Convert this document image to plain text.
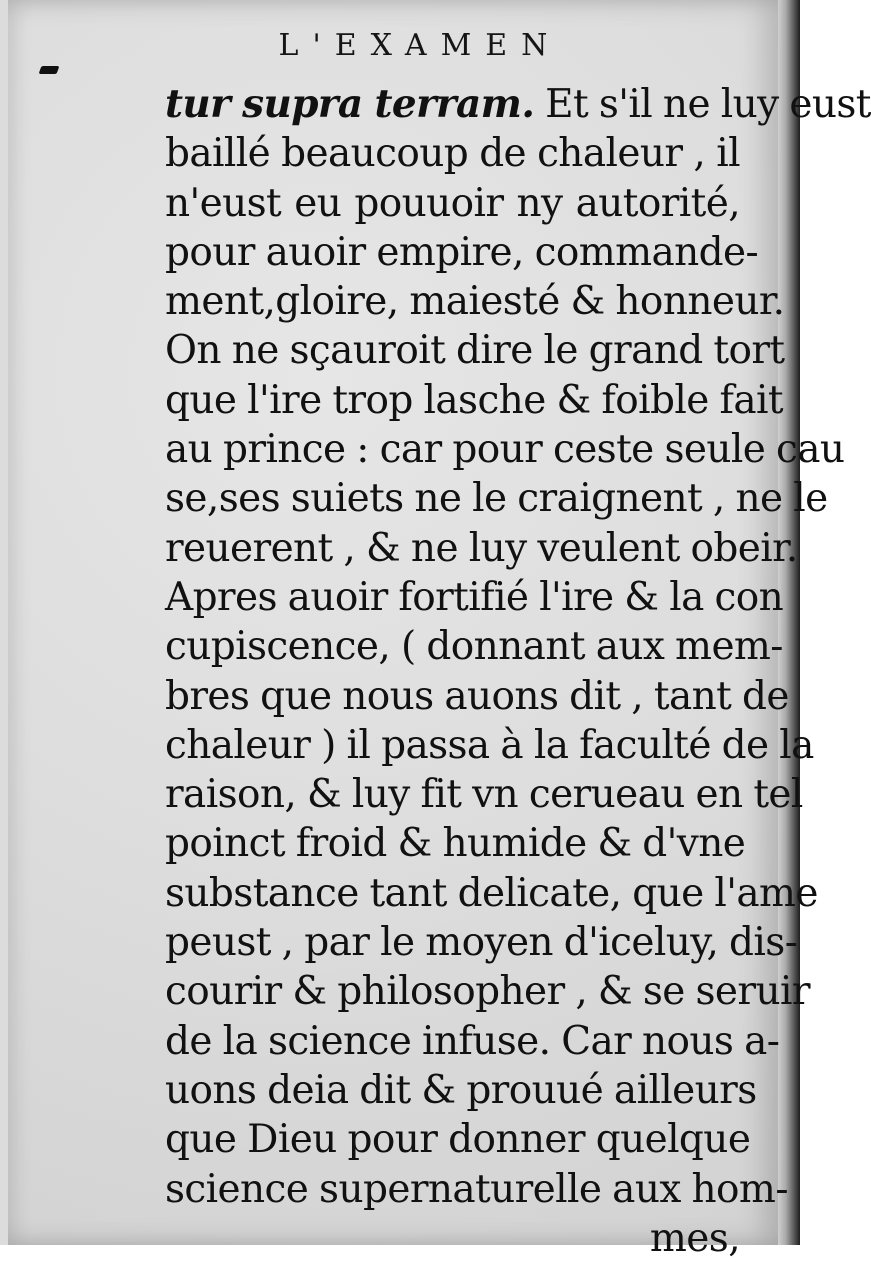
L'EXAMEN
tur supra terram. Et s'il ne luy eust
baillé beaucoup de chaleur , il
n'eust eu pouuoir ny autorité,
pour auoir empire, commande-
ment,gloire, maiesté & honneur.
On ne sçauroit dire le grand tort
que l'ire trop lasche & foible fait
au prince : car pour ceste seule cau
se,ses suiets ne le craignent , ne le
reuerent , & ne luy veulent obeir.
Apres auoir fortifié l'ire & la con
cupiscence, ( donnant aux mem-
bres que nous auons dit , tant de
chaleur ) il passa à la faculté de la
raison, & luy fit vn cerueau en tel
poinct froid & humide & d'vne
substance tant delicate, que l'ame
peust , par le moyen d'iceluy, dis-
courir & philosopher , & se seruir
de la science infuse. Car nous a-
uons deia dit & prouué ailleurs
que Dieu pour donner quelque
science supernaturelle aux hom-
mes,
